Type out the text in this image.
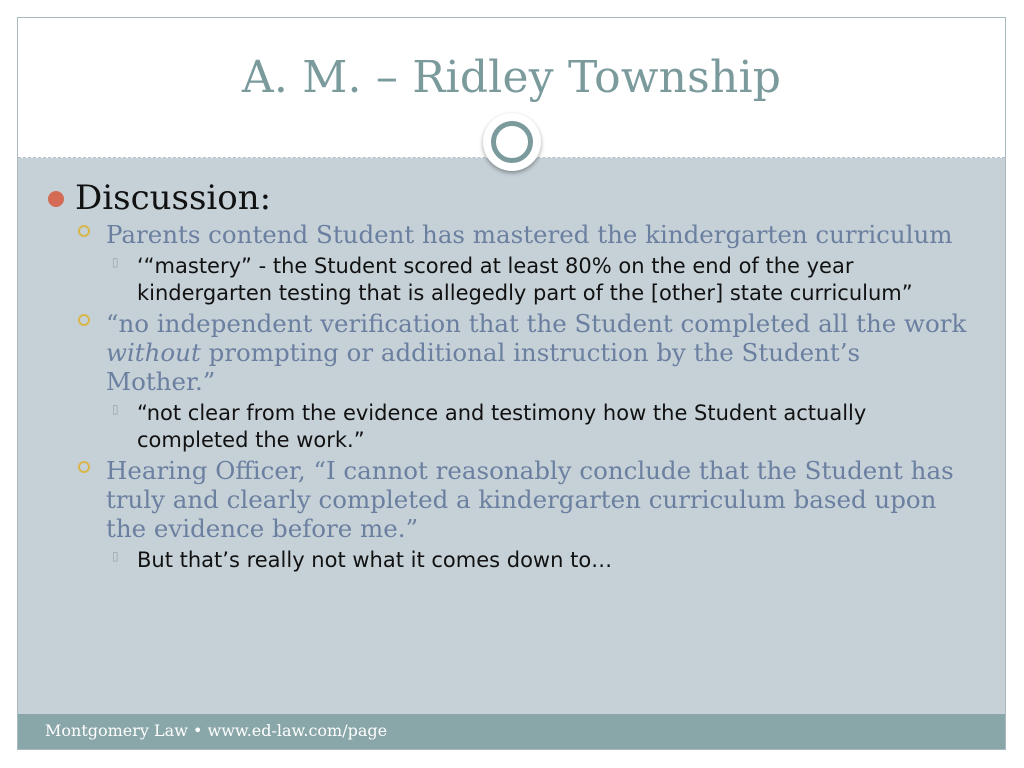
A. M. – Ridley Township
Discussion:
Parents contend Student has mastered the kindergarten curriculum
▯ ‘“mastery” - the Student scored at least 80% on the end of the year kindergarten testing that is allegedly part of the [other] state curriculum”
“no independent verification that the Student completed all the work without prompting or additional instruction by the Student’s Mother.”
▯ “not clear from the evidence and testimony how the Student actually completed the work.”
Hearing Officer, “I cannot reasonably conclude that the Student has truly and clearly completed a kindergarten curriculum based upon the evidence before me.”
▯ But that’s really not what it comes down to…
Montgomery Law • www.ed-law.com/page
